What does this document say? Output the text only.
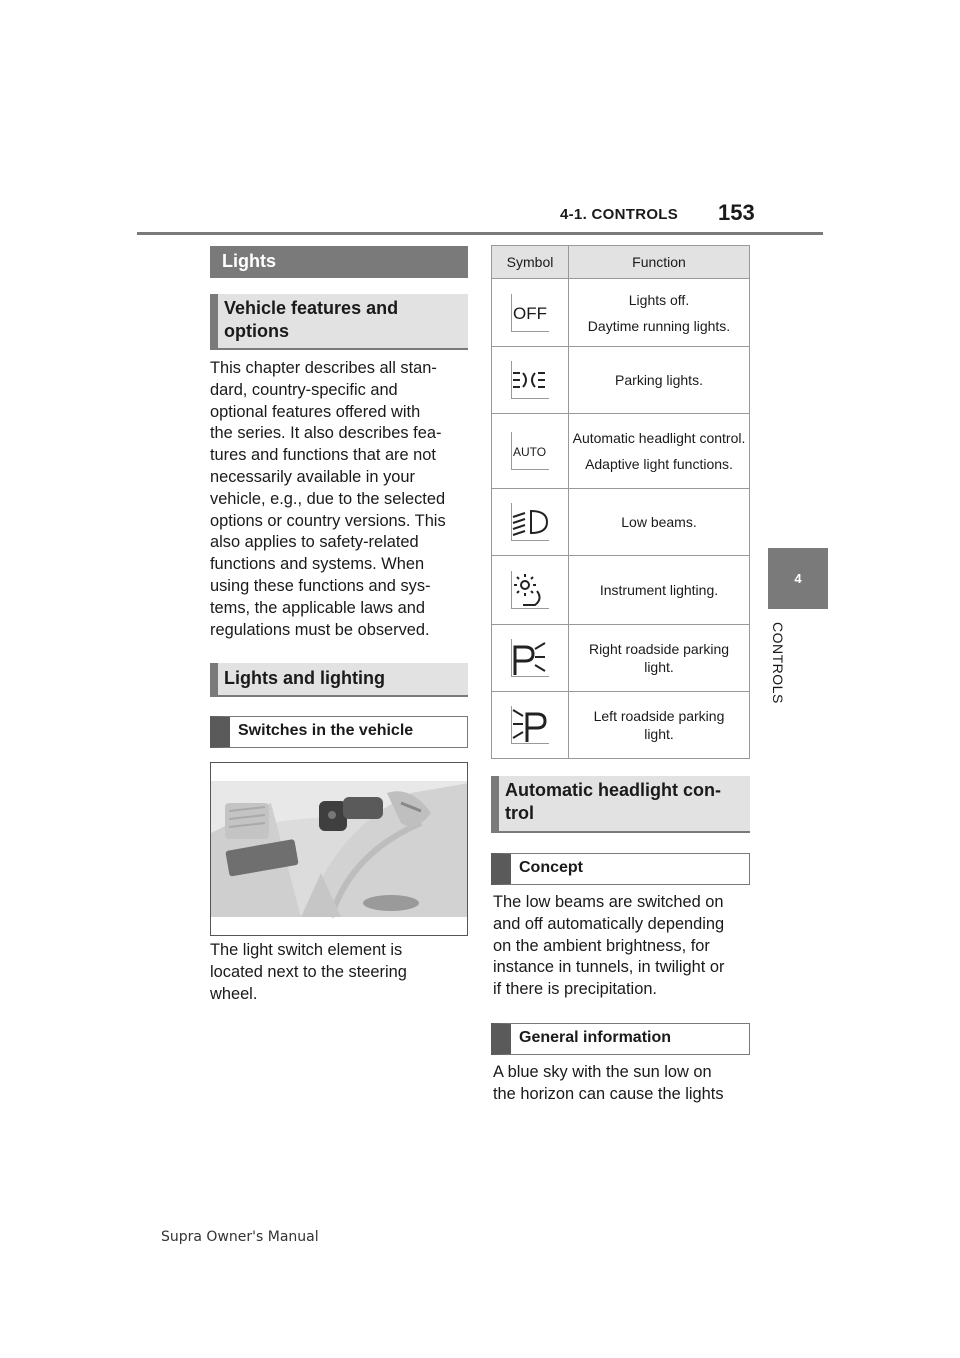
4-1. CONTROLS 153
4
CONTROLS
Lights
Vehicle features and
options
This chapter describes all stan-
dard, country-specific and
optional features offered with
the series. It also describes fea-
tures and functions that are not
necessarily available in your
vehicle, e.g., due to the selected
options or country versions. This
also applies to safety-related
functions and systems. When
using these functions and sys-
tems, the applicable laws and
regulations must be observed.
Lights and lighting
Switches in the vehicle
The light switch element is
located next to the steering
wheel.
Symbol	Function

OFF	Lights off.

Daytime running lights.

Parking lights.

AUTO	Automatic headlight control.

Adaptive light functions.

Low beams.

Instrument lighting.

Right roadside parking light.

Left roadside parking light.

Automatic headlight con-
trol
Concept
The low beams are switched on
and off automatically depending
on the ambient brightness, for
instance in tunnels, in twilight or
if there is precipitation.
General information
A blue sky with the sun low on
the horizon can cause the lights
Supra Owner's Manual
